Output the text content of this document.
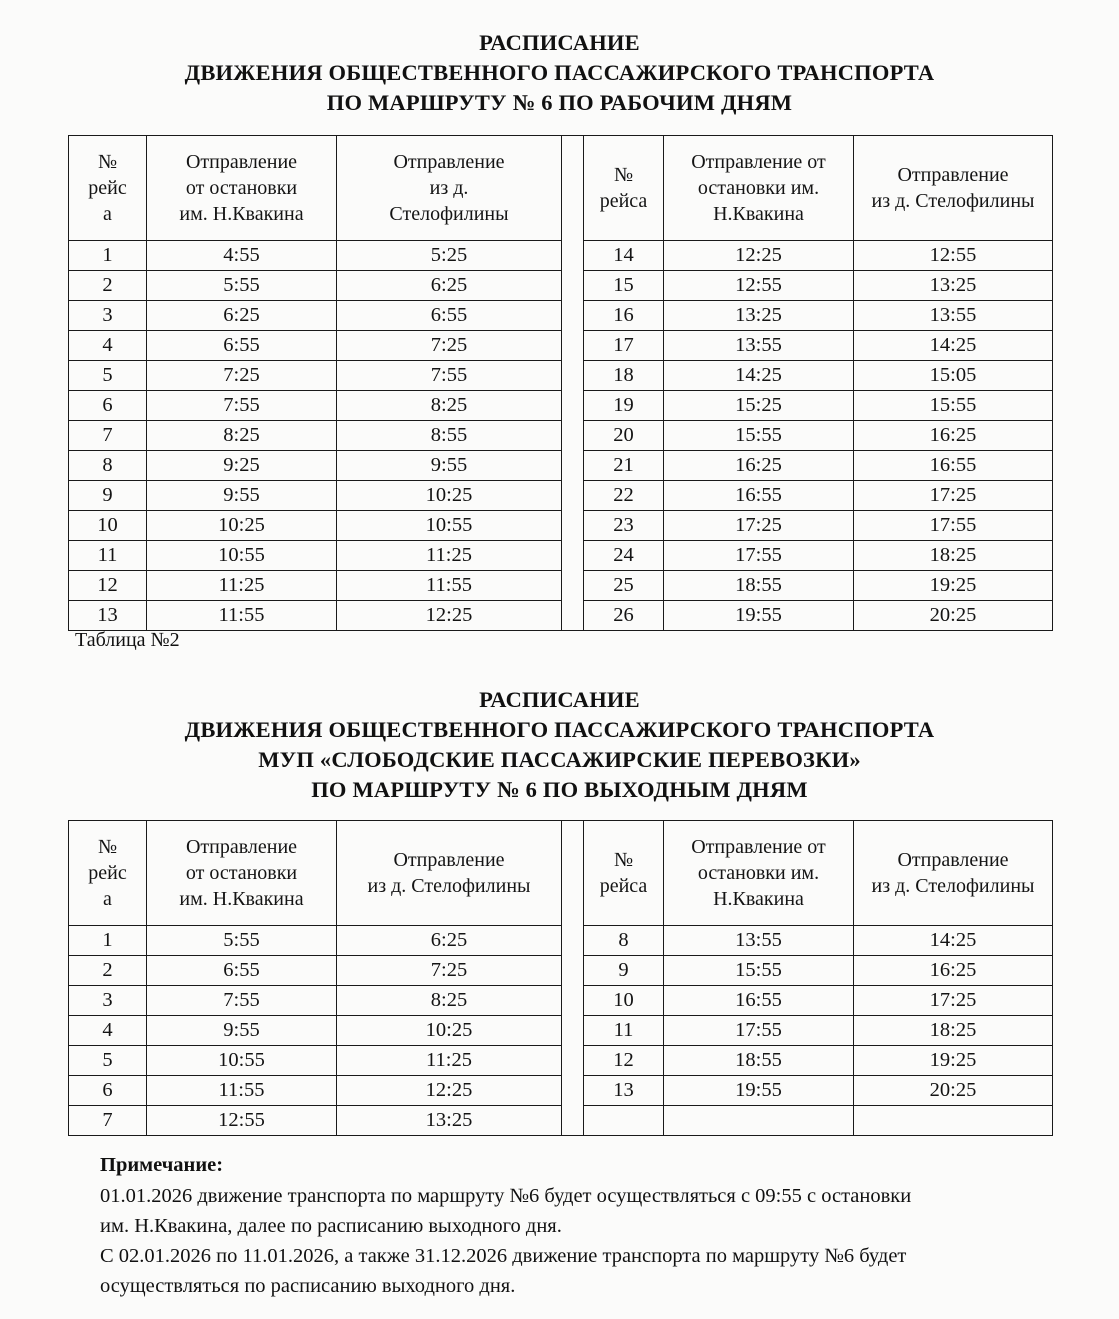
РАСПИСАНИЕ
ДВИЖЕНИЯ ОБЩЕСТВЕННОГО ПАССАЖИРСКОГО ТРАНСПОРТА
ПО МАРШРУТУ № 6 ПО РАБОЧИМ ДНЯМ
№
рейс
а	Отправление
от остановки
им. Н.Квакина	Отправление
из д.
Стелофилины		№
рейса	Отправление от
остановки им.
Н.Квакина	Отправление
из д. Стелофилины

1	4:55	5:25		14	12:25	12:55
2	5:55	6:25		15	12:55	13:25
3	6:25	6:55		16	13:25	13:55
4	6:55	7:25		17	13:55	14:25
5	7:25	7:55		18	14:25	15:05
6	7:55	8:25		19	15:25	15:55
7	8:25	8:55		20	15:55	16:25
8	9:25	9:55		21	16:25	16:55
9	9:55	10:25		22	16:55	17:25
10	10:25	10:55		23	17:25	17:55
11	10:55	11:25		24	17:55	18:25
12	11:25	11:55		25	18:55	19:25
13	11:55	12:25		26	19:55	20:25
Таблица №2
РАСПИСАНИЕ
ДВИЖЕНИЯ ОБЩЕСТВЕННОГО ПАССАЖИРСКОГО ТРАНСПОРТА
МУП «СЛОБОДСКИЕ ПАССАЖИРСКИЕ ПЕРЕВОЗКИ»
ПО МАРШРУТУ № 6 ПО ВЫХОДНЫМ ДНЯМ
№
рейс
а	Отправление
от остановки
им. Н.Квакина	Отправление
из д. Стелофилины		№
рейса	Отправление от
остановки им.
Н.Квакина	Отправление
из д. Стелофилины

1	5:55	6:25		8	13:55	14:25
2	6:55	7:25		9	15:55	16:25
3	7:55	8:25		10	16:55	17:25
4	9:55	10:25		11	17:55	18:25
5	10:55	11:25		12	18:55	19:25
6	11:55	12:25		13	19:55	20:25
7	12:55	13:25				
Примечание:
01.01.2026 движение транспорта по маршруту №6 будет осуществляться с 09:55 с остановки
им. Н.Квакина, далее по расписанию выходного дня.
С 02.01.2026 по 11.01.2026, а также 31.12.2026 движение транспорта по маршруту №6 будет
осуществляться по расписанию выходного дня.
